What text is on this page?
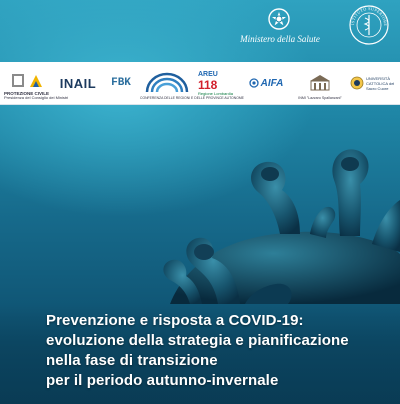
Ministero della Salute
ISTITUTO SUPERIORE
PROTEZIONE CIVILE
Presidenza del Consiglio dei Ministri
INAIL FBK
CONFERENZA DELLE REGIONI E DELLE PROVINCE AUTONOME
AREU
118
Regione Lombardia
AIFA
INMI "Lazzaro Spallanzani"
UNIVERSITÀ CATTOLICA del Sacro Cuore
Prevenzione e risposta a COVID-19:
evoluzione della strategia e pianificazione
nella fase di transizione
per il periodo autunno-invernale
